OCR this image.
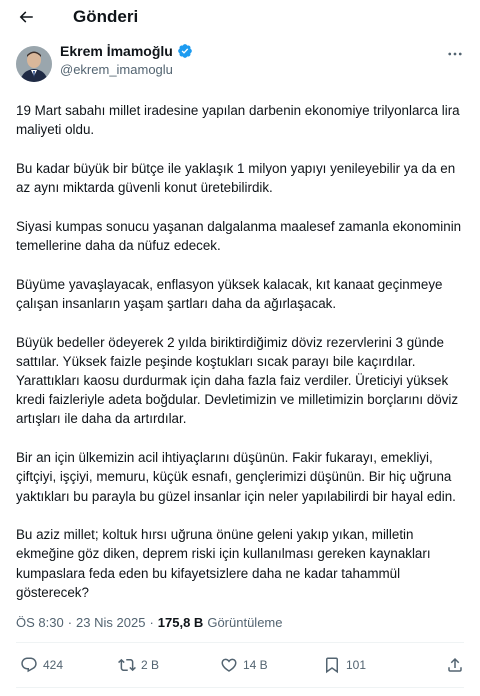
Gönderi
Ekrem İmamoğlu
@ekrem_imamoglu

19 Mart sabahı millet iradesine yapılan darbenin ekonomiye trilyonlarca lira maliyeti oldu.

Bu kadar büyük bir bütçe ile yaklaşık 1 milyon yapıyı yenileyebilir ya da en az aynı miktarda güvenli konut üretebilirdik.

Siyasi kumpas sonucu yaşanan dalgalanma maalesef zamanla ekonominin temellerine daha da nüfuz edecek.

Büyüme yavaşlayacak, enflasyon yüksek kalacak, kıt kanaat geçinmeye çalışan insanların yaşam şartları daha da ağırlaşacak.

Büyük bedeller ödeyerek 2 yılda biriktirdiğimiz döviz rezervlerini 3 günde sattılar. Yüksek faizle peşinde koştukları sıcak parayı bile kaçırdılar. Yarattıkları kaosu durdurmak için daha fazla faiz verdiler. Üreticiyi yüksek kredi faizleriyle adeta boğdular. Devletimizin ve milletimizin borçlarını döviz artışları ile daha da artırdılar.

Bir an için ülkemizin acil ihtiyaçlarını düşünün. Fakir fukarayı, emekliyi, çiftçiyi, işçiyi, memuru, küçük esnafı, gençlerimizi düşünün. Bir hiç uğruna yaktıkları bu parayla bu güzel insanlar için neler yapılabilirdi bir hayal edin.

Bu aziz millet; koltuk hırsı uğruna önüne geleni yakıp yıkan, milletin ekmeğine göz diken, deprem riski için kullanılması gereken kaynakları kumpaslara feda eden bu kifayetsizlere daha ne kadar tahammül gösterecek?

ÖS 8:30 · 23 Nis 2025 · 175,8 B Görüntüleme
424	2 B	14 B	101
